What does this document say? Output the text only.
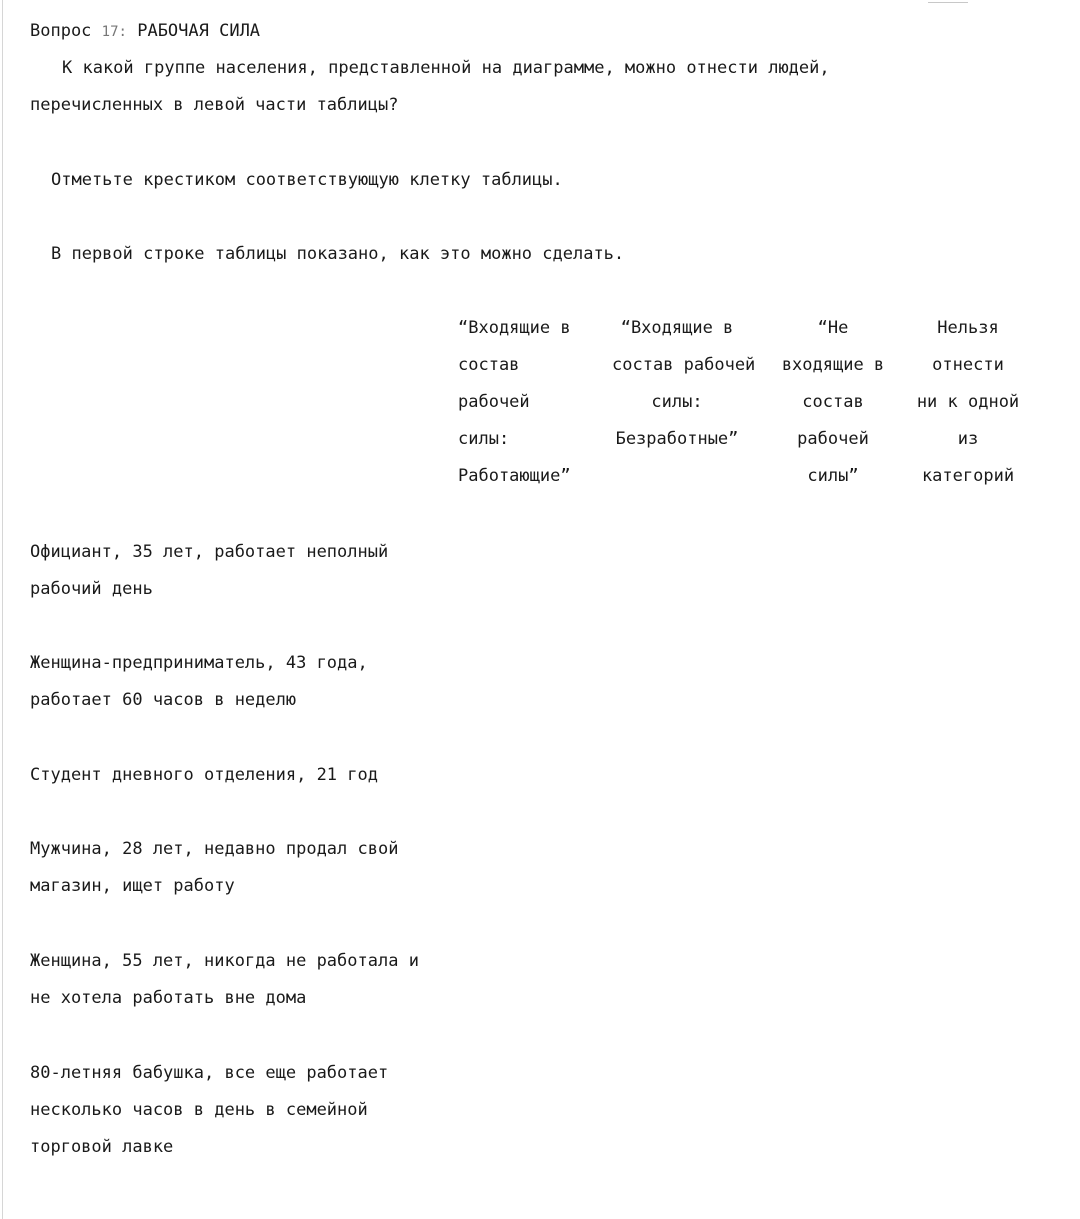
Вопрос 17: РАБОЧАЯ СИЛА
К какой группе населения, представленной на диаграмме, можно отнести людей,
перечисленных в левой части таблицы?
Отметьте крестиком соответствующую клетку таблицы.
В первой строке таблицы показано, как это можно сделать.
“Входящие в
состав
рабочей
силы:
Работающие”
“Входящие в
состав рабочей
силы:
Безработные”
“Не
входящие в
состав
рабочей
силы”
Нельзя
отнести
ни к одной
из
категорий
Официант, 35 лет, работает неполный
рабочий день
Женщина-предприниматель, 43 года,
работает 60 часов в неделю
Студент дневного отделения, 21 год
Мужчина, 28 лет, недавно продал свой
магазин, ищет работу
Женщина, 55 лет, никогда не работала и
не хотела работать вне дома
80-летняя бабушка, все еще работает
несколько часов в день в семейной
торговой лавке
